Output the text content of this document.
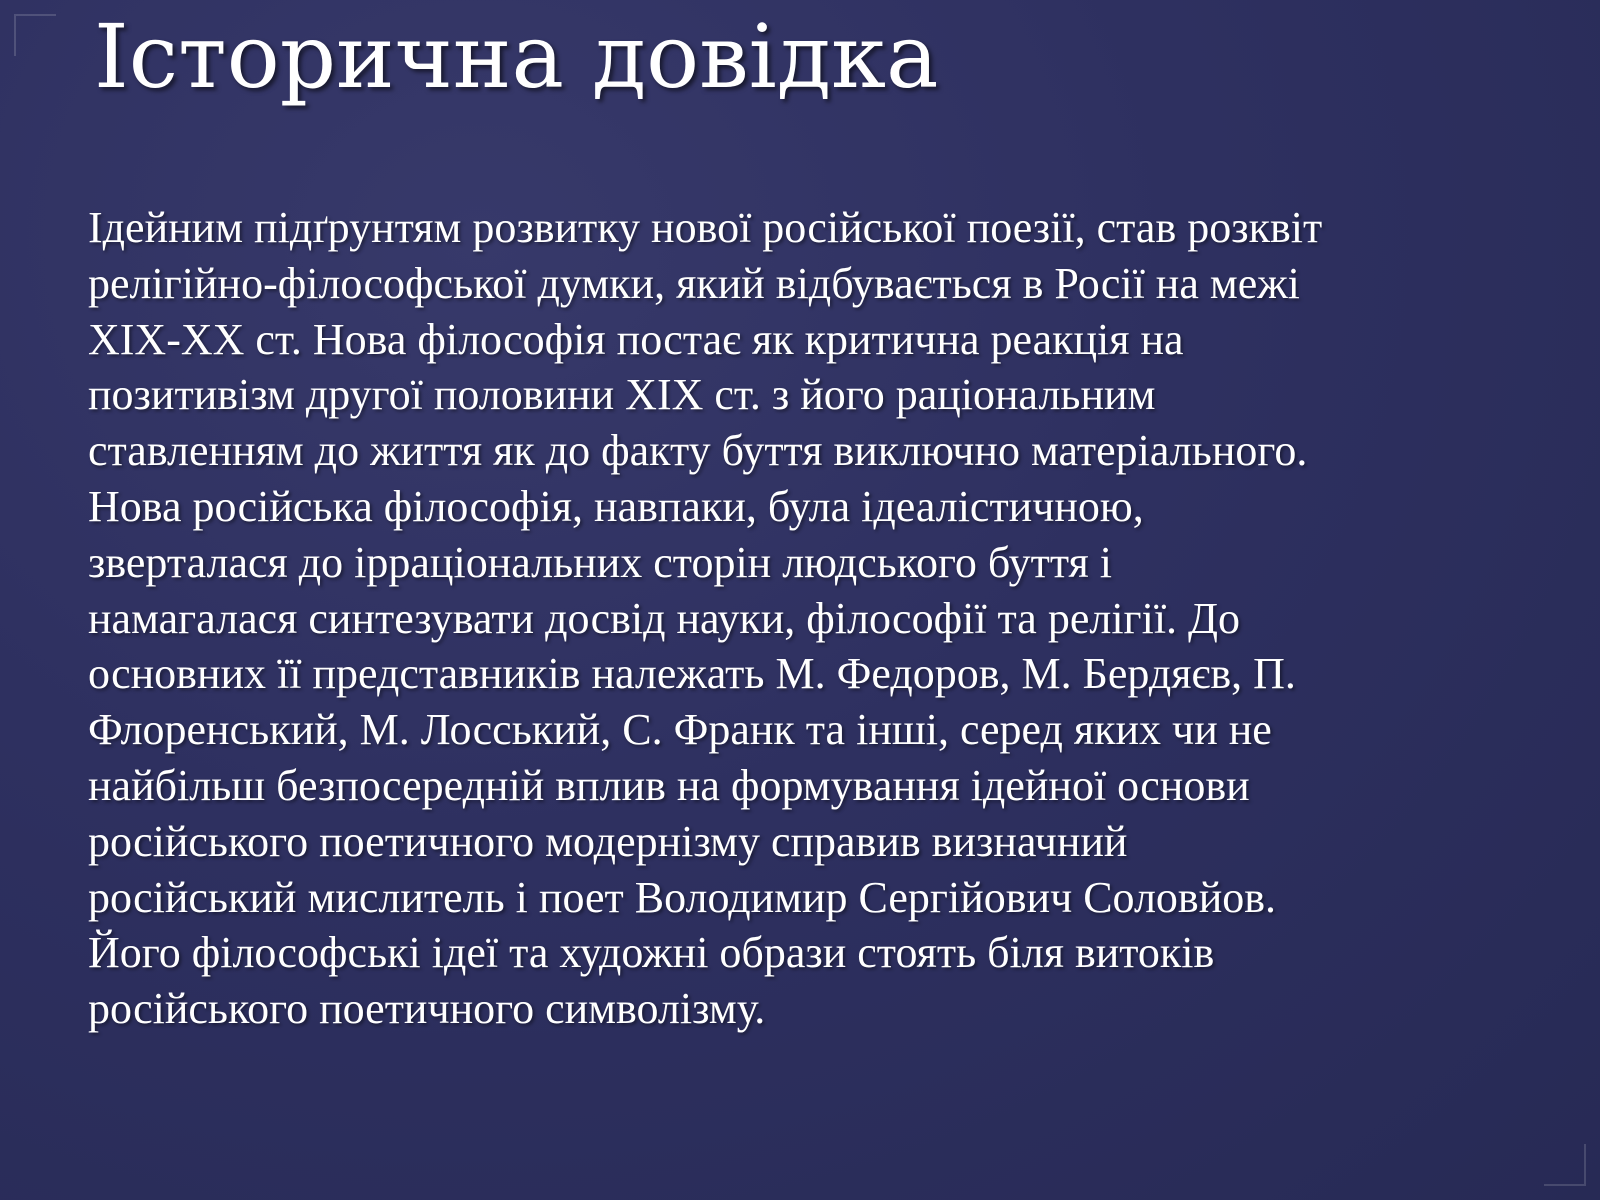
Історична довідка
Ідейним підґрунтям розвитку нової російської поезії, став розквіт
релігійно-філософської думки, який відбувається в Росії на межі
XIX-XX ст. Нова філософія постає як критична реакція на
позитивізм другої половини XIX ст. з його раціональним
ставленням до життя як до факту буття виключно матеріального.
Нова російська філософія, навпаки, була ідеалістичною,
зверталася до ірраціональних сторін людського буття і
намагалася синтезувати досвід науки, філософії та релігії. До
основних її представників належать М. Федоров, М. Бердяєв, П.
Флоренський, М. Лосський, С. Франк та інші, серед яких чи не
найбільш безпосередній вплив на формування ідейної основи
російського поетичного модернізму справив визначний
російський мислитель і поет Володимир Сергійович Соловйов.
Його філософські ідеї та художні образи стоять біля витоків
російського поетичного символізму.
